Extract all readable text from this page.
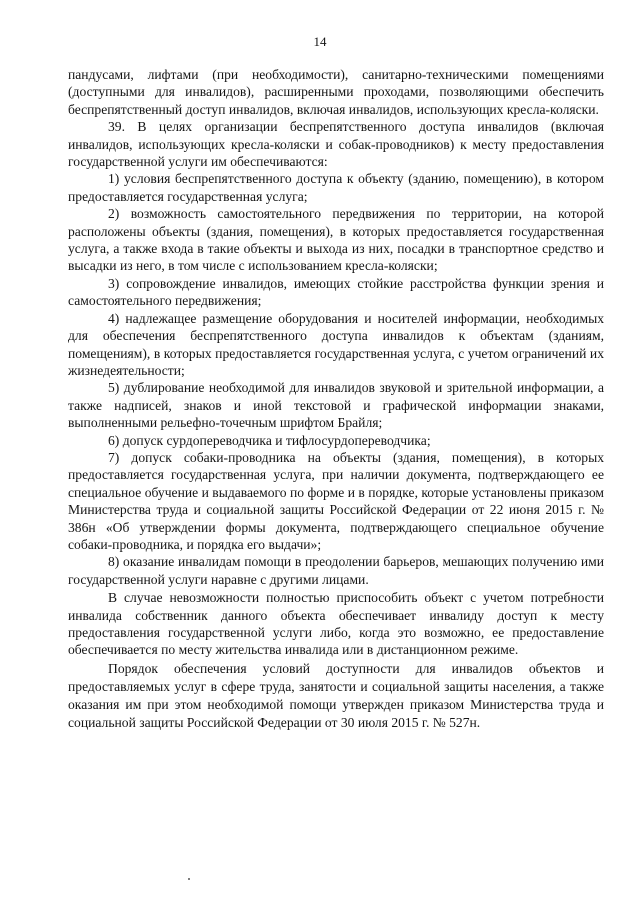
14

пандусами, лифтами (при необходимости), санитарно-техническими помещениями (доступными для инвалидов), расширенными проходами, позволяющими обеспечить беспрепятственный доступ инвалидов, включая инвалидов, использующих кресла-коляски.

39. В целях организации беспрепятственного доступа инвалидов (включая инвалидов, использующих кресла-коляски и собак-проводников) к месту предоставления государственной услуги им обеспечиваются:

1) условия беспрепятственного доступа к объекту (зданию, помещению), в котором предоставляется государственная услуга;

2) возможность самостоятельного передвижения по территории, на которой расположены объекты (здания, помещения), в которых предоставляется государственная услуга, а также входа в такие объекты и выхода из них, посадки в транспортное средство и высадки из него, в том числе с использованием кресла-коляски;

3) сопровождение инвалидов, имеющих стойкие расстройства функции зрения и самостоятельного передвижения;

4) надлежащее размещение оборудования и носителей информации, необходимых для обеспечения беспрепятственного доступа инвалидов к объектам (зданиям, помещениям), в которых предоставляется государственная услуга, с учетом ограничений их жизнедеятельности;

5) дублирование необходимой для инвалидов звуковой и зрительной информации, а также надписей, знаков и иной текстовой и графической информации знаками, выполненными рельефно-точечным шрифтом Брайля;

6) допуск сурдопереводчика и тифлосурдопереводчика;

7) допуск собаки-проводника на объекты (здания, помещения), в которых предоставляется государственная услуга, при наличии документа, подтверждающего ее специальное обучение и выдаваемого по форме и в порядке, которые установлены приказом Министерства труда и социальной защиты Российской Федерации от 22 июня 2015 г. № 386н «Об утверждении формы документа, подтверждающего специальное обучение собаки-проводника, и порядка его выдачи»;

8) оказание инвалидам помощи в преодолении барьеров, мешающих получению ими государственной услуги наравне с другими лицами.

В случае невозможности полностью приспособить объект с учетом потребности инвалида собственник данного объекта обеспечивает инвалиду доступ к месту предоставления государственной услуги либо, когда это возможно, ее предоставление обеспечивается по месту жительства инвалида или в дистанционном режиме.

Порядок обеспечения условий доступности для инвалидов объектов и предоставляемых услуг в сфере труда, занятости и социальной защиты населения, а также оказания им при этом необходимой помощи утвержден приказом Министерства труда и социальной защиты Российской Федерации от 30 июля 2015 г. № 527н.
